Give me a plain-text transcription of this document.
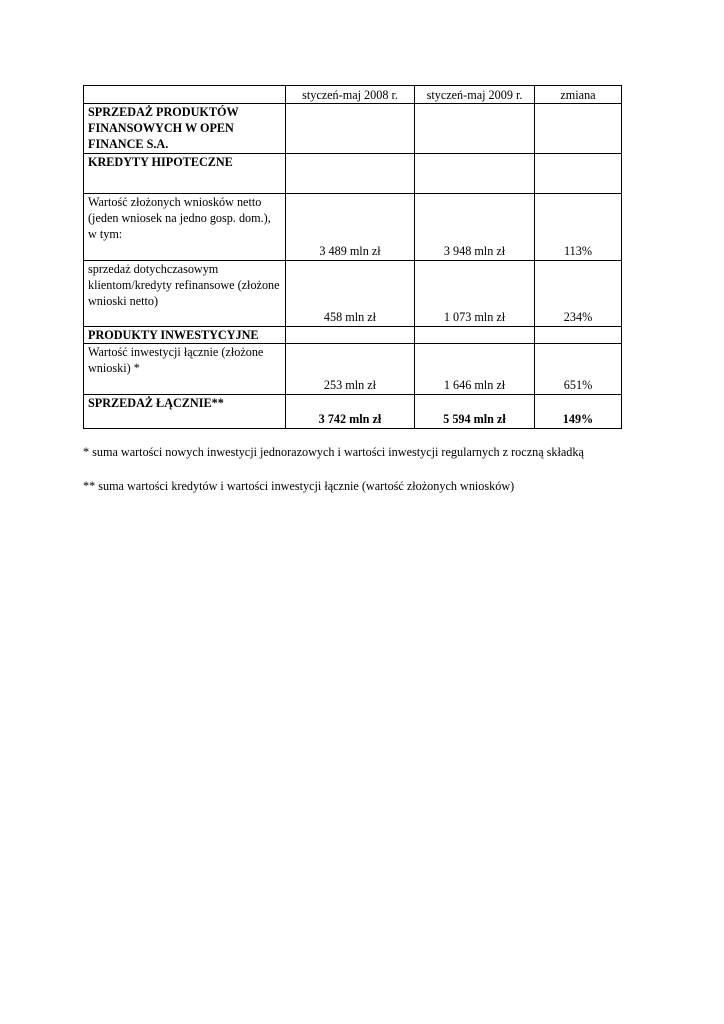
	styczeń-maj 2008 r.	styczeń-maj 2009 r.	zmiana
SPRZEDAŻ PRODUKTÓW FINANSOWYCH W OPEN FINANCE S.A.			
KREDYTY HIPOTECZNE			
Wartość złożonych wniosków netto (jeden wniosek na jedno gosp. dom.), w tym:	3 489 mln zł	3 948 mln zł	113%
sprzedaż dotychczasowym klientom/kredyty refinansowe (złożone wnioski netto)	458 mln zł	1 073 mln zł	234%
PRODUKTY INWESTYCYJNE			
Wartość inwestycji łącznie (złożone wnioski) *	253 mln zł	1 646 mln zł	651%
SPRZEDAŻ ŁĄCZNIE**	3 742 mln zł	5 594 mln zł	149%
* suma wartości nowych inwestycji jednorazowych i wartości inwestycji regularnych z roczną składką
** suma wartości kredytów i wartości inwestycji łącznie (wartość złożonych wniosków)
